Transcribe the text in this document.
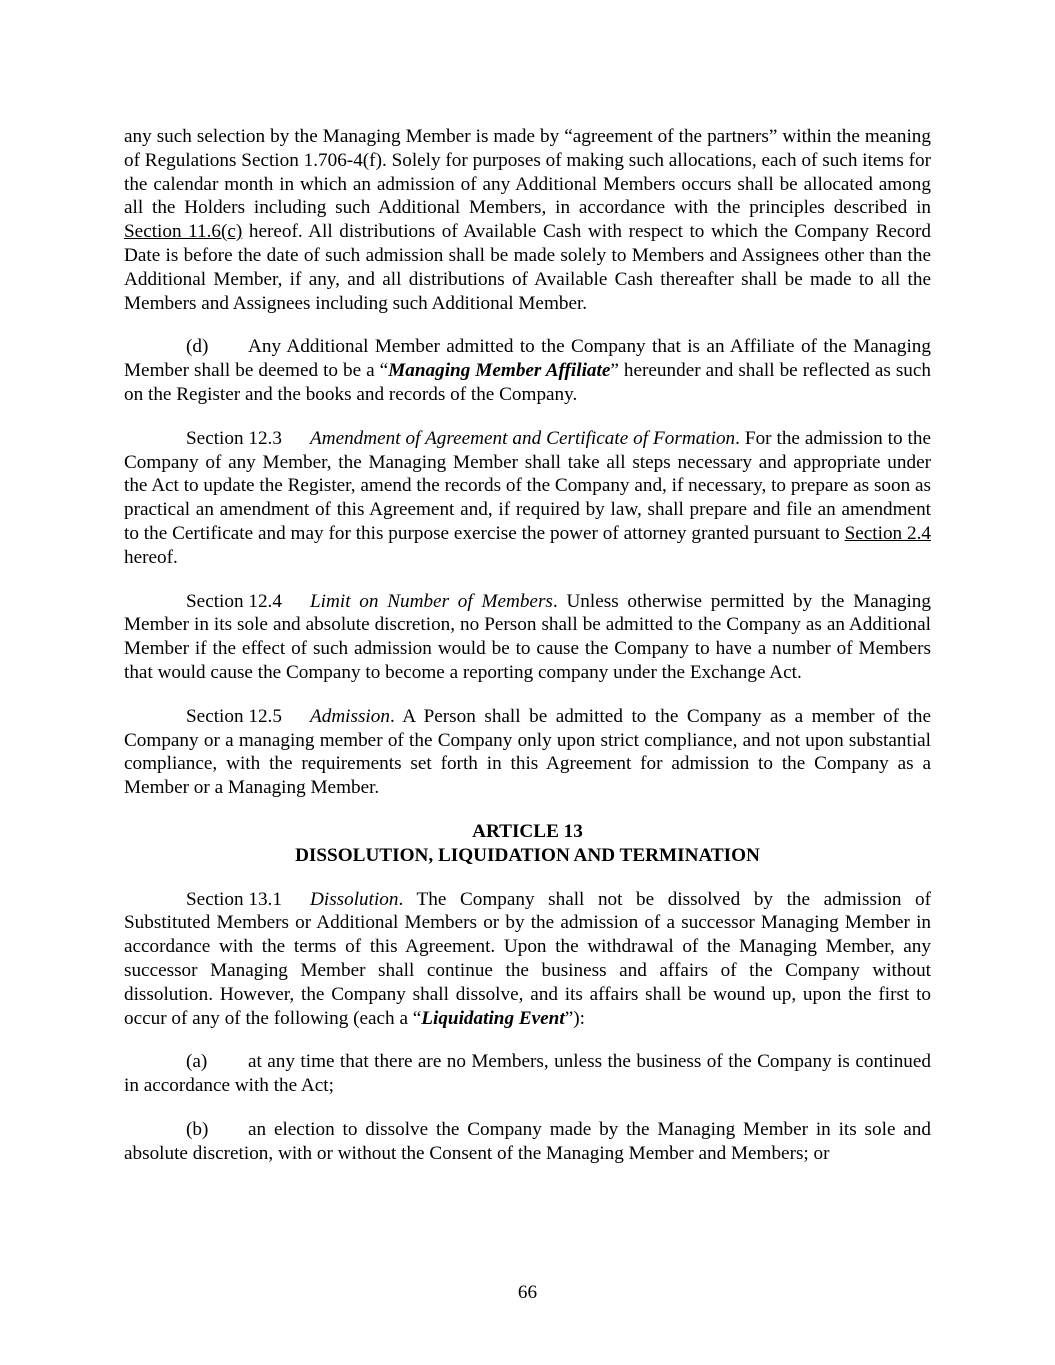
any such selection by the Managing Member is made by “agreement of the partners” within the meaning of Regulations Section 1.706-4(f). Solely for purposes of making such allocations, each of such items for the calendar month in which an admission of any Additional Members occurs shall be allocated among all the Holders including such Additional Members, in accordance with the principles described in Section 11.6(c) hereof. All distributions of Available Cash with respect to which the Company Record Date is before the date of such admission shall be made solely to Members and Assignees other than the Additional Member, if any, and all distributions of Available Cash thereafter shall be made to all the Members and Assignees including such Additional Member.

(d) Any Additional Member admitted to the Company that is an Affiliate of the Managing Member shall be deemed to be a “Managing Member Affiliate” hereunder and shall be reflected as such on the Register and the books and records of the Company.

Section 12.3 Amendment of Agreement and Certificate of Formation. For the admission to the Company of any Member, the Managing Member shall take all steps necessary and appropriate under the Act to update the Register, amend the records of the Company and, if necessary, to prepare as soon as practical an amendment of this Agreement and, if required by law, shall prepare and file an amendment to the Certificate and may for this purpose exercise the power of attorney granted pursuant to Section 2.4 hereof.

Section 12.4 Limit on Number of Members. Unless otherwise permitted by the Managing Member in its sole and absolute discretion, no Person shall be admitted to the Company as an Additional Member if the effect of such admission would be to cause the Company to have a number of Members that would cause the Company to become a reporting company under the Exchange Act.

Section 12.5 Admission. A Person shall be admitted to the Company as a member of the Company or a managing member of the Company only upon strict compliance, and not upon substantial compliance, with the requirements set forth in this Agreement for admission to the Company as a Member or a Managing Member.

ARTICLE 13
DISSOLUTION, LIQUIDATION AND TERMINATION

Section 13.1 Dissolution. The Company shall not be dissolved by the admission of Substituted Members or Additional Members or by the admission of a successor Managing Member in accordance with the terms of this Agreement. Upon the withdrawal of the Managing Member, any successor Managing Member shall continue the business and affairs of the Company without dissolution. However, the Company shall dissolve, and its affairs shall be wound up, upon the first to occur of any of the following (each a “Liquidating Event”):

(a) at any time that there are no Members, unless the business of the Company is continued in accordance with the Act;

(b) an election to dissolve the Company made by the Managing Member in its sole and absolute discretion, with or without the Consent of the Managing Member and Members; or

66
